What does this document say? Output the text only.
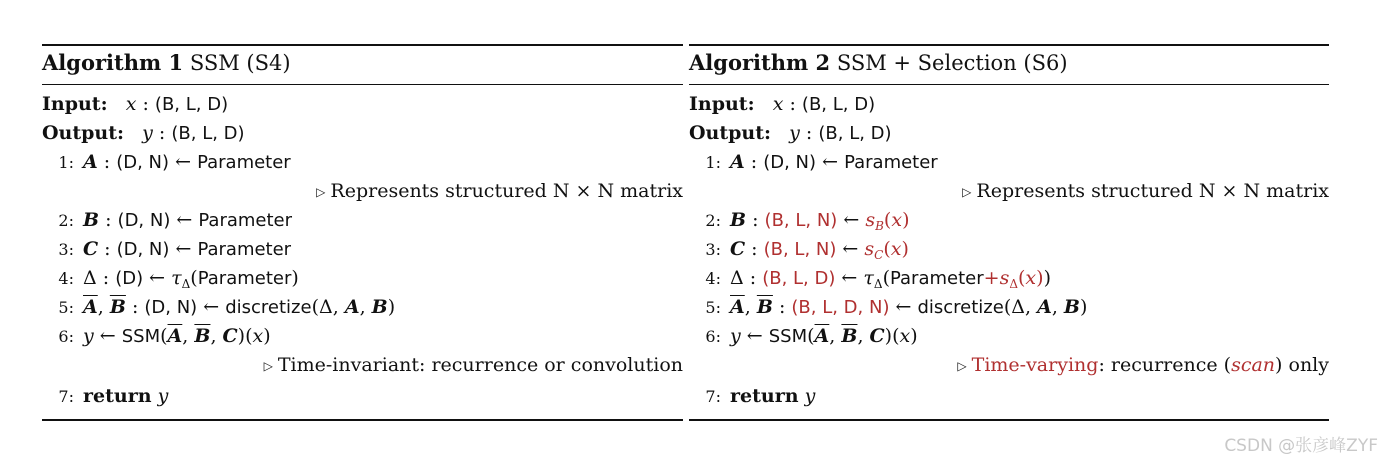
Algorithm 1 SSM (S4)
Input: x : (B, L, D)
Output: y : (B, L, D)
1: A : (D, N) ← Parameter
▷ Represents structured N × N matrix
2: B : (D, N) ← Parameter
3: C : (D, N) ← Parameter
4: Δ : (D) ← $\tau_\Delta(Parameter)$
5: $\overline{A}$, $\overline{B}$ : (D, N) ← discretize(Δ, A, B)
6: y ← $SSM(\overline{A}$, $\overline{B}$, C)(x)
▷ Time-invariant: recurrence or convolution
7: return y
Algorithm 2 SSM + Selection (S6)
Input: x : (B, L, D)
Output: y : (B, L, D)
1: A : (D, N) ← Parameter
▷ Represents structured N × N matrix
2: B : (B, L, N) ← $s_B(x)$
3: C : (B, L, N) ← $s_C(x)$
4: Δ : (B, L, D) ← $\tau_\Delta(Parameter+s_\Delta(x))$
5: $\overline{A}$, $\overline{B}$ : (B, L, D, N) ← discretize(Δ, A, B)
6: y ← $SSM(\overline{A}$, $\overline{B}$, C)(x)
▷ Time-varying: recurrence (scan) only
7: return y
CSDN @张彦峰ZYF
